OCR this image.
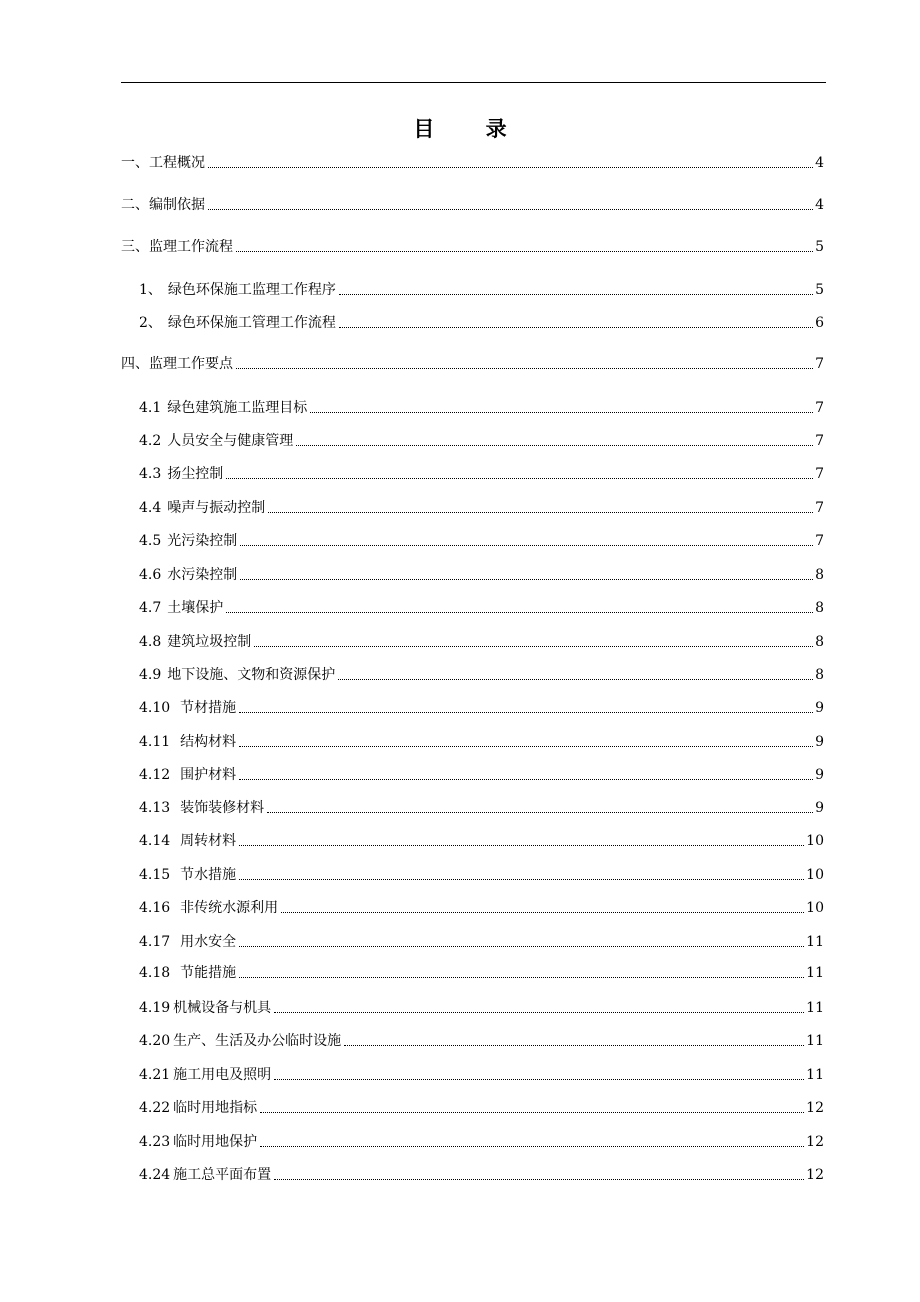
目 录
一、 工程概况	4
二、 编制依据	4
三、 监理工作流程	5
1、 绿色环保施工监理工作程序	5
2、 绿色环保施工管理工作流程	6
四、 监理工作要点	7
4.1 绿色建筑施工监理目标	7
4.2 人员安全与健康管理	7
4.3 扬尘控制	7
4.4 噪声与振动控制	7
4.5 光污染控制	7
4.6 水污染控制	8
4.7 土壤保护	8
4.8 建筑垃圾控制	8
4.9 地下设施、文物和资源保护	8
4.10 节材措施	9
4.11 结构材料	9
4.12 围护材料	9
4.13 装饰装修材料	9
4.14 周转材料	10
4.15 节水措施	10
4.16 非传统水源利用	10
4.17 用水安全	11
4.18 节能措施	11
4.19 机械设备与机具	11
4.20 生产、生活及办公临时设施	11
4.21 施工用电及照明	11
4.22 临时用地指标	12
4.23 临时用地保护	12
4.24 施工总平面布置	12
